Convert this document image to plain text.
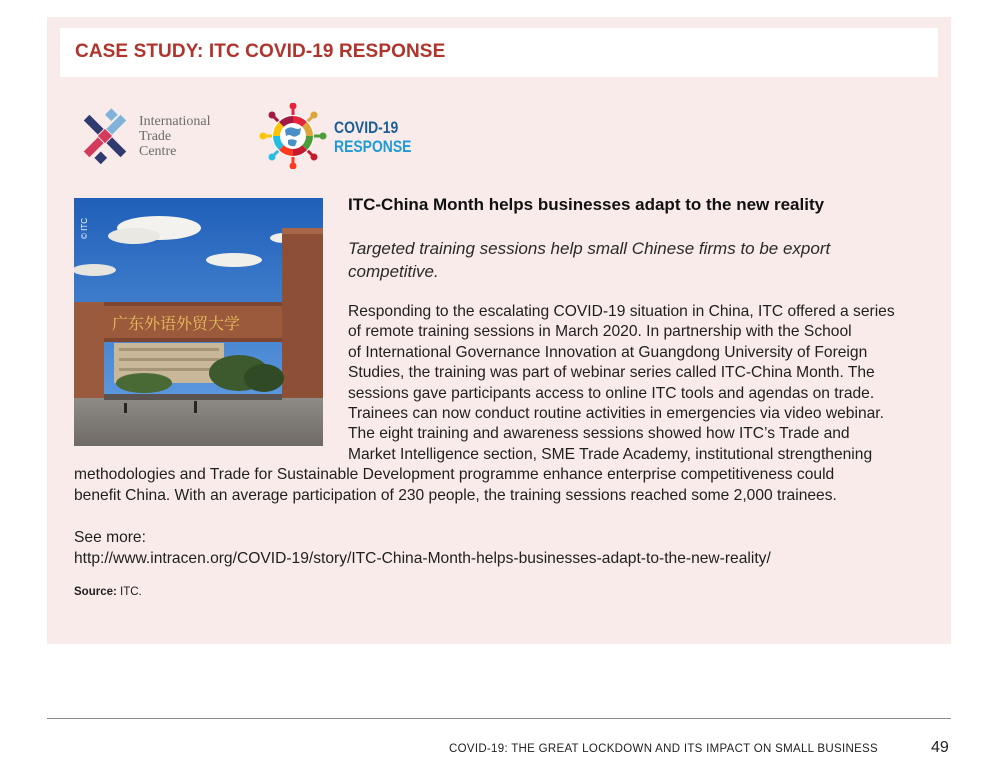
CASE STUDY: ITC COVID-19 RESPONSE
International
Trade
Centre
COVID-19
RESPONSE
广东外语外贸大学
© ITC
ITC-China Month helps businesses adapt to the new reality

Targeted training sessions help small Chinese firms to be export competitive.

Responding to the escalating COVID-19 situation in China, ITC offered a series
of remote training sessions in March 2020. In partnership with the School
of International Governance Innovation at Guangdong University of Foreign
Studies, the training was part of webinar series called ITC-China Month. The
sessions gave participants access to online ITC tools and agendas on trade.
Trainees can now conduct routine activities in emergencies via video webinar.
The eight training and awareness sessions showed how ITC’s Trade and
Market Intelligence section, SME Trade Academy, institutional strengthening
methodologies and Trade for Sustainable Development programme enhance enterprise competitiveness could
benefit China. With an average participation of 230 people, the training sessions reached some 2,000 trainees.
See more:
http://www.intracen.org/COVID-19/story/ITC-China-Month-helps-businesses-adapt-to-the-new-reality/
Source: ITC.
COVID-19: THE GREAT LOCKDOWN AND ITS IMPACT ON SMALL BUSINESS	49
